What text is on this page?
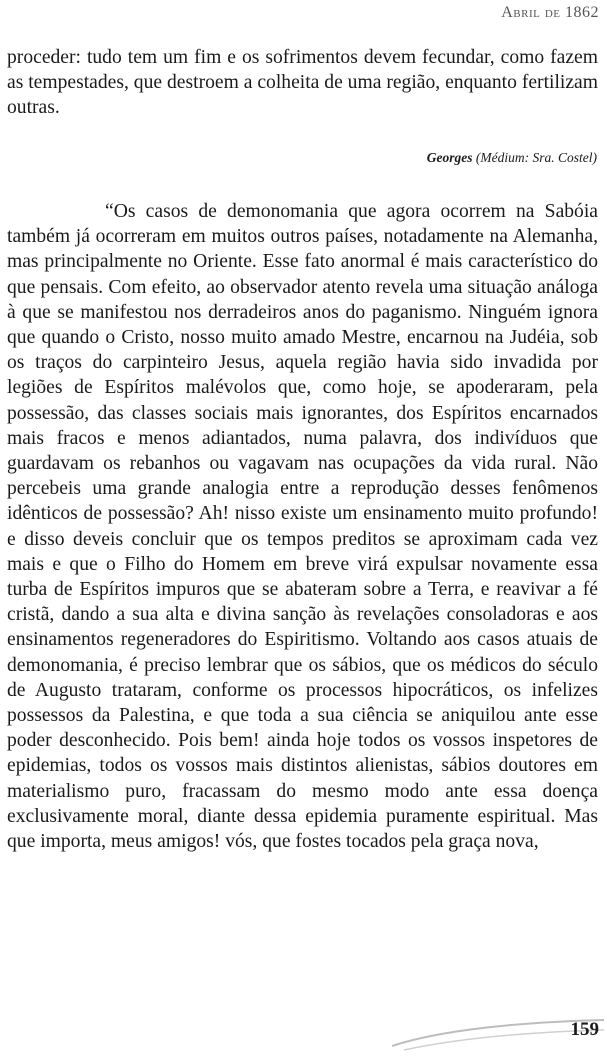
Abril de 1862

proceder: tudo tem um fim e os sofrimentos devem fecundar, como fazem as tempestades, que destroem a colheita de uma região, enquanto fertilizam outras.

Georges (Médium: Sra. Costel)

“Os casos de demonomania que agora ocorrem na Sabóia também já ocorreram em muitos outros países, notadamente na Alemanha, mas principalmente no Oriente. Esse fato anormal é mais característico do que pensais. Com efeito, ao observador atento revela uma situação análoga à que se manifestou nos derradeiros anos do paganismo. Ninguém ignora que quando o Cristo, nosso muito amado Mestre, encarnou na Judéia, sob os traços do carpinteiro Jesus, aquela região havia sido invadida por legiões de Espíritos malévolos que, como hoje, se apoderaram, pela possessão, das classes sociais mais ignorantes, dos Espíritos encarnados mais fracos e menos adiantados, numa palavra, dos indivíduos que guardavam os rebanhos ou vagavam nas ocupações da vida rural. Não percebeis uma grande analogia entre a reprodução desses fenômenos idênticos de possessão? Ah! nisso existe um ensinamento muito profundo! e disso deveis concluir que os tempos preditos se aproximam cada vez mais e que o Filho do Homem em breve virá expulsar novamente essa turba de Espíritos impuros que se abateram sobre a Terra, e reavivar a fé cristã, dando a sua alta e divina sanção às revelações consoladoras e aos ensinamentos regeneradores do Espiritismo. Voltando aos casos atuais de demonomania, é preciso lembrar que os sábios, que os médicos do século de Augusto trataram, conforme os processos hipocráticos, os infelizes possessos da Palestina, e que toda a sua ciência se aniquilou ante esse poder desconhecido. Pois bem! ainda hoje todos os vossos inspetores de epidemias, todos os vossos mais distintos alienistas, sábios doutores em materialismo puro, fracassam do mesmo modo ante essa doença exclusivamente moral, diante dessa epidemia puramente espiritual. Mas que importa, meus amigos! vós, que fostes tocados pela graça nova,

159
